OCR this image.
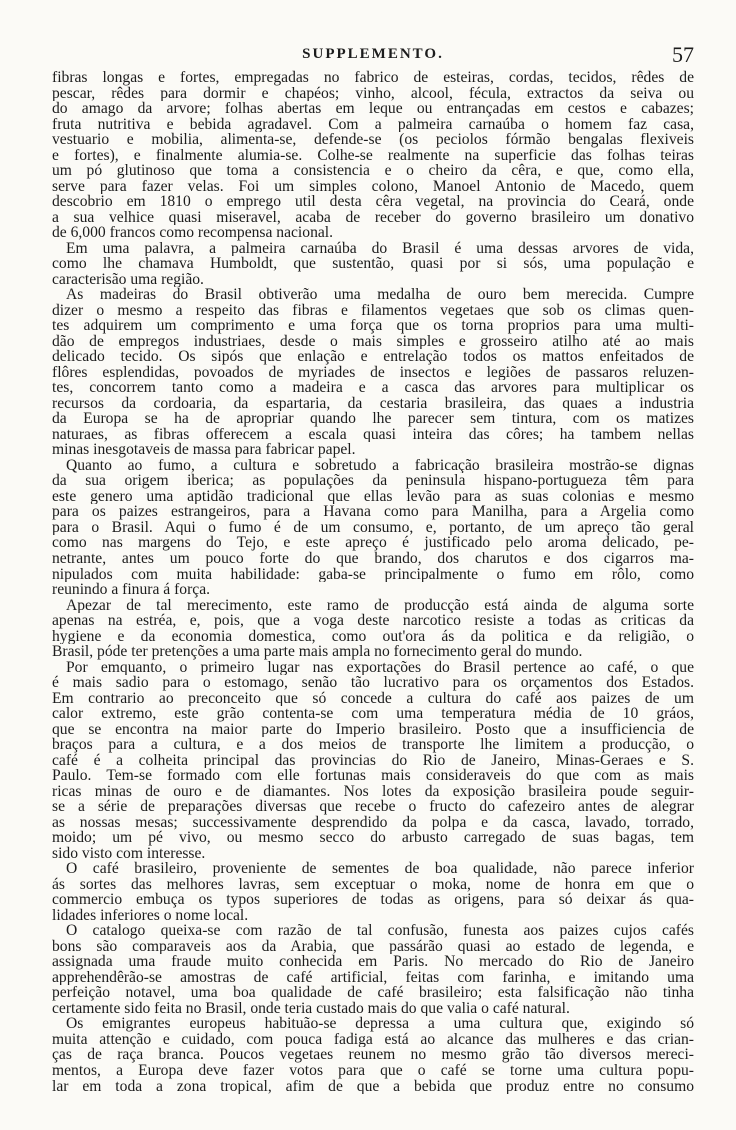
SUPPLEMENTO.	57
fibras longas e fortes, empregadas no fabrico de esteiras, cordas, tecidos, rêdes de
pescar, rêdes para dormir e chapéos; vinho, alcool, fécula, extractos da seiva ou
do amago da arvore; folhas abertas em leque ou entrançadas em cestos e cabazes;
fruta nutritiva e bebida agradavel. Com a palmeira carnaúba o homem faz casa,
vestuario e mobilia, alimenta-se, defende-se (os peciolos fórmão bengalas flexiveis
e fortes), e finalmente alumia-se. Colhe-se realmente na superficie das folhas teiras
um pó glutinoso que toma a consistencia e o cheiro da cêra, e que, como ella,
serve para fazer velas. Foi um simples colono, Manoel Antonio de Macedo, quem
descobrio em 1810 o emprego util desta cêra vegetal, na provincia do Ceará, onde
a sua velhice quasi miseravel, acaba de receber do governo brasileiro um donativo
de 6,000 francos como recompensa nacional.
Em uma palavra, a palmeira carnaúba do Brasil é uma dessas arvores de vida,
como lhe chamava Humboldt, que sustentão, quasi por si sós, uma população e
caracterisão uma região.
As madeiras do Brasil obtiverão uma medalha de ouro bem merecida. Cumpre
dizer o mesmo a respeito das fibras e filamentos vegetaes que sob os climas quen-
tes adquirem um comprimento e uma força que os torna proprios para uma multi-
dão de empregos industriaes, desde o mais simples e grosseiro atilho até ao mais
delicado tecido. Os sipós que enlação e entrelação todos os mattos enfeitados de
flôres esplendidas, povoados de myriades de insectos e legiões de passaros reluzen-
tes, concorrem tanto como a madeira e a casca das arvores para multiplicar os
recursos da cordoaria, da espartaria, da cestaria brasileira, das quaes a industria
da Europa se ha de apropriar quando lhe parecer sem tintura, com os matizes
naturaes, as fibras offerecem a escala quasi inteira das côres; ha tambem nellas
minas inesgotaveis de massa para fabricar papel.
Quanto ao fumo, a cultura e sobretudo a fabricação brasileira mostrão-se dignas
da sua origem iberica; as populações da peninsula hispano-portugueza têm para
este genero uma aptidão tradicional que ellas levão para as suas colonias e mesmo
para os paizes estrangeiros, para a Havana como para Manilha, para a Argelia como
para o Brasil. Aqui o fumo é de um consumo, e, portanto, de um apreço tão geral
como nas margens do Tejo, e este apreço é justificado pelo aroma delicado, pe-
netrante, antes um pouco forte do que brando, dos charutos e dos cigarros ma-
nipulados com muita habilidade: gaba-se principalmente o fumo em rôlo, como
reunindo a finura á força.
Apezar de tal merecimento, este ramo de producção está ainda de alguma sorte
apenas na estréa, e, pois, que a voga deste narcotico resiste a todas as criticas da
hygiene e da economia domestica, como out'ora ás da politica e da religião, o
Brasil, póde ter pretenções a uma parte mais ampla no fornecimento geral do mundo.
Por emquanto, o primeiro lugar nas exportações do Brasil pertence ao café, o que
é mais sadio para o estomago, senão tão lucrativo para os orçamentos dos Estados.
Em contrario ao preconceito que só concede a cultura do café aos paizes de um
calor extremo, este grão contenta-se com uma temperatura média de 10 gráos,
que se encontra na maior parte do Imperio brasileiro. Posto que a insufficiencia de
braços para a cultura, e a dos meios de transporte lhe limitem a producção, o
café é a colheita principal das provincias do Rio de Janeiro, Minas-Geraes e S.
Paulo. Tem-se formado com elle fortunas mais consideraveis do que com as mais
ricas minas de ouro e de diamantes. Nos lotes da exposição brasileira poude seguir-
se a série de preparações diversas que recebe o fructo do cafezeiro antes de alegrar
as nossas mesas; successivamente desprendido da polpa e da casca, lavado, torrado,
moido; um pé vivo, ou mesmo secco do arbusto carregado de suas bagas, tem
sido visto com interesse.
O café brasileiro, proveniente de sementes de boa qualidade, não parece inferior
ás sortes das melhores lavras, sem exceptuar o moka, nome de honra em que o
commercio embuça os typos superiores de todas as origens, para só deixar ás qua-
lidades inferiores o nome local.
O catalogo queixa-se com razão de tal confusão, funesta aos paizes cujos cafés
bons são comparaveis aos da Arabia, que passárão quasi ao estado de legenda, e
assignada uma fraude muito conhecida em Paris. No mercado do Rio de Janeiro
apprehendêrão-se amostras de café artificial, feitas com farinha, e imitando uma
perfeição notavel, uma boa qualidade de café brasileiro; esta falsificação não tinha
certamente sido feita no Brasil, onde teria custado mais do que valia o café natural.
Os emigrantes europeus habituão-se depressa a uma cultura que, exigindo só
muita attenção e cuidado, com pouca fadiga está ao alcance das mulheres e das crian-
ças de raça branca. Poucos vegetaes reunem no mesmo grão tão diversos mereci-
mentos, a Europa deve fazer votos para que o café se torne uma cultura popu-
lar em toda a zona tropical, afim de que a bebida que produz entre no consumo
